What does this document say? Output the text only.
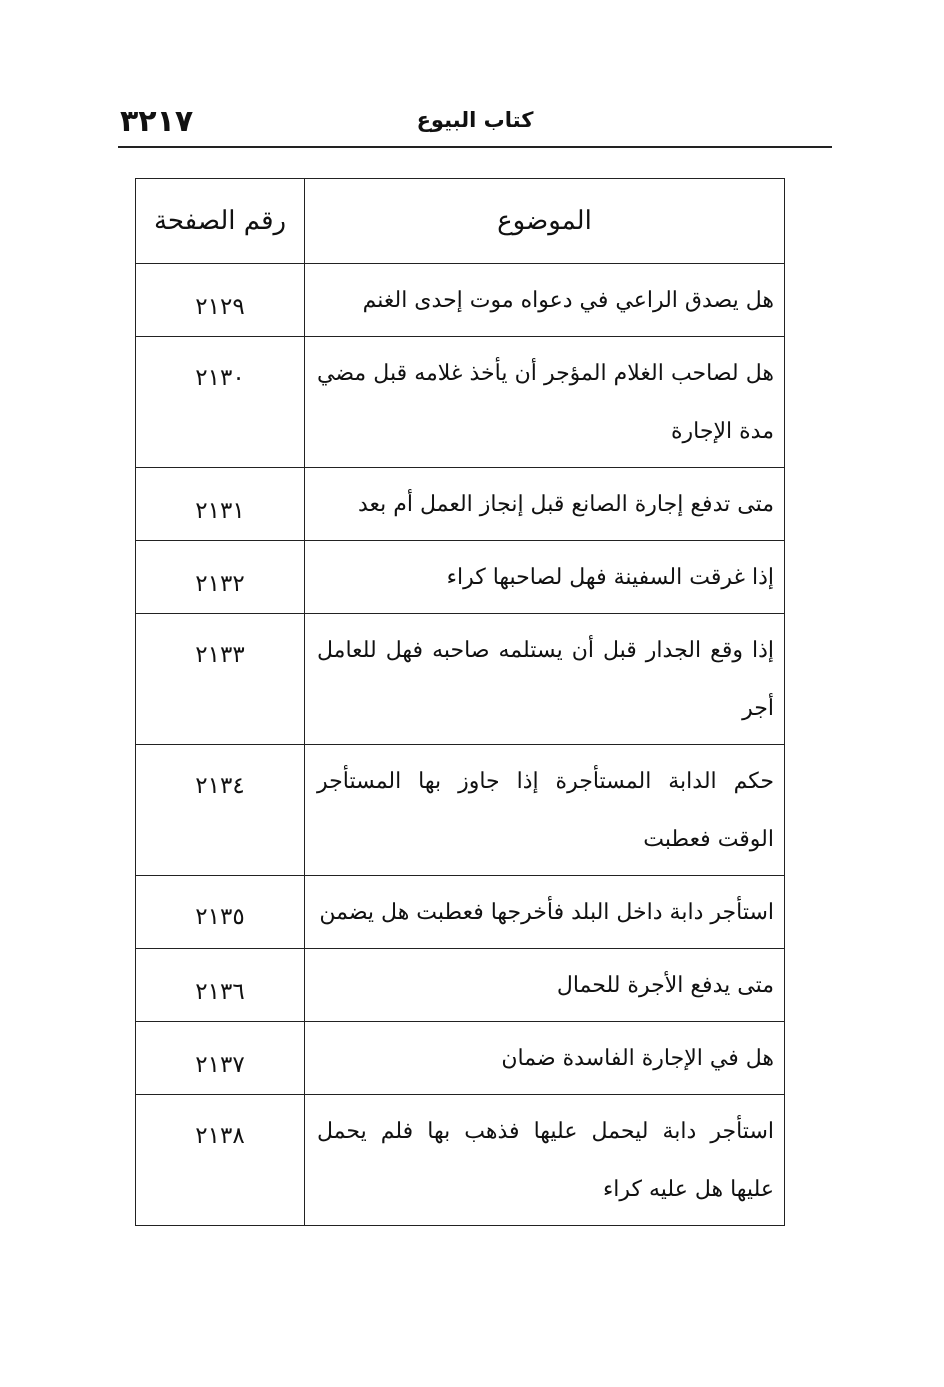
٣٢١٧	كتاب البيوع
الموضوع	رقم الصفحة
هل يصدق الراعي في دعواه موت إحدى الغنم	٢١٢٩
هل لصاحب الغلام المؤجر أن يأخذ غلامه قبل مضي مدة الإجارة	٢١٣٠
متى تدفع إجارة الصانع قبل إنجاز العمل أم بعد	٢١٣١
إذا غرقت السفينة فهل لصاحبها كراء	٢١٣٢
إذا وقع الجدار قبل أن يستلمه صاحبه فهل للعامل أجر	٢١٣٣
حكم الدابة المستأجرة إذا جاوز بها المستأجر الوقت فعطبت	٢١٣٤
استأجر دابة داخل البلد فأخرجها فعطبت هل يضمن	٢١٣٥
متى يدفع الأجرة للحمال	٢١٣٦
هل في الإجارة الفاسدة ضمان	٢١٣٧
استأجر دابة ليحمل عليها فذهب بها فلم يحمل عليها هل عليه كراء	٢١٣٨
